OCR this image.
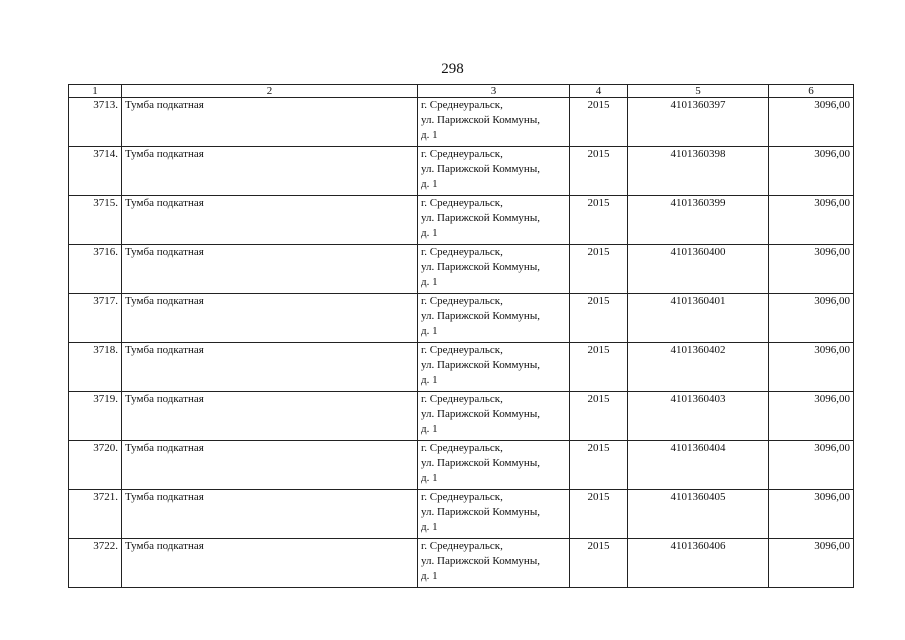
298
1	2	3	4	5	6
3713.	Тумба подкатная	г. Среднеуральск,
ул. Парижской Коммуны,
д. 1	2015	4101360397	3096,00
3714.	Тумба подкатная	г. Среднеуральск,
ул. Парижской Коммуны,
д. 1	2015	4101360398	3096,00
3715.	Тумба подкатная	г. Среднеуральск,
ул. Парижской Коммуны,
д. 1	2015	4101360399	3096,00
3716.	Тумба подкатная	г. Среднеуральск,
ул. Парижской Коммуны,
д. 1	2015	4101360400	3096,00
3717.	Тумба подкатная	г. Среднеуральск,
ул. Парижской Коммуны,
д. 1	2015	4101360401	3096,00
3718.	Тумба подкатная	г. Среднеуральск,
ул. Парижской Коммуны,
д. 1	2015	4101360402	3096,00
3719.	Тумба подкатная	г. Среднеуральск,
ул. Парижской Коммуны,
д. 1	2015	4101360403	3096,00
3720.	Тумба подкатная	г. Среднеуральск,
ул. Парижской Коммуны,
д. 1	2015	4101360404	3096,00
3721.	Тумба подкатная	г. Среднеуральск,
ул. Парижской Коммуны,
д. 1	2015	4101360405	3096,00
3722.	Тумба подкатная	г. Среднеуральск,
ул. Парижской Коммуны,
д. 1	2015	4101360406	3096,00
